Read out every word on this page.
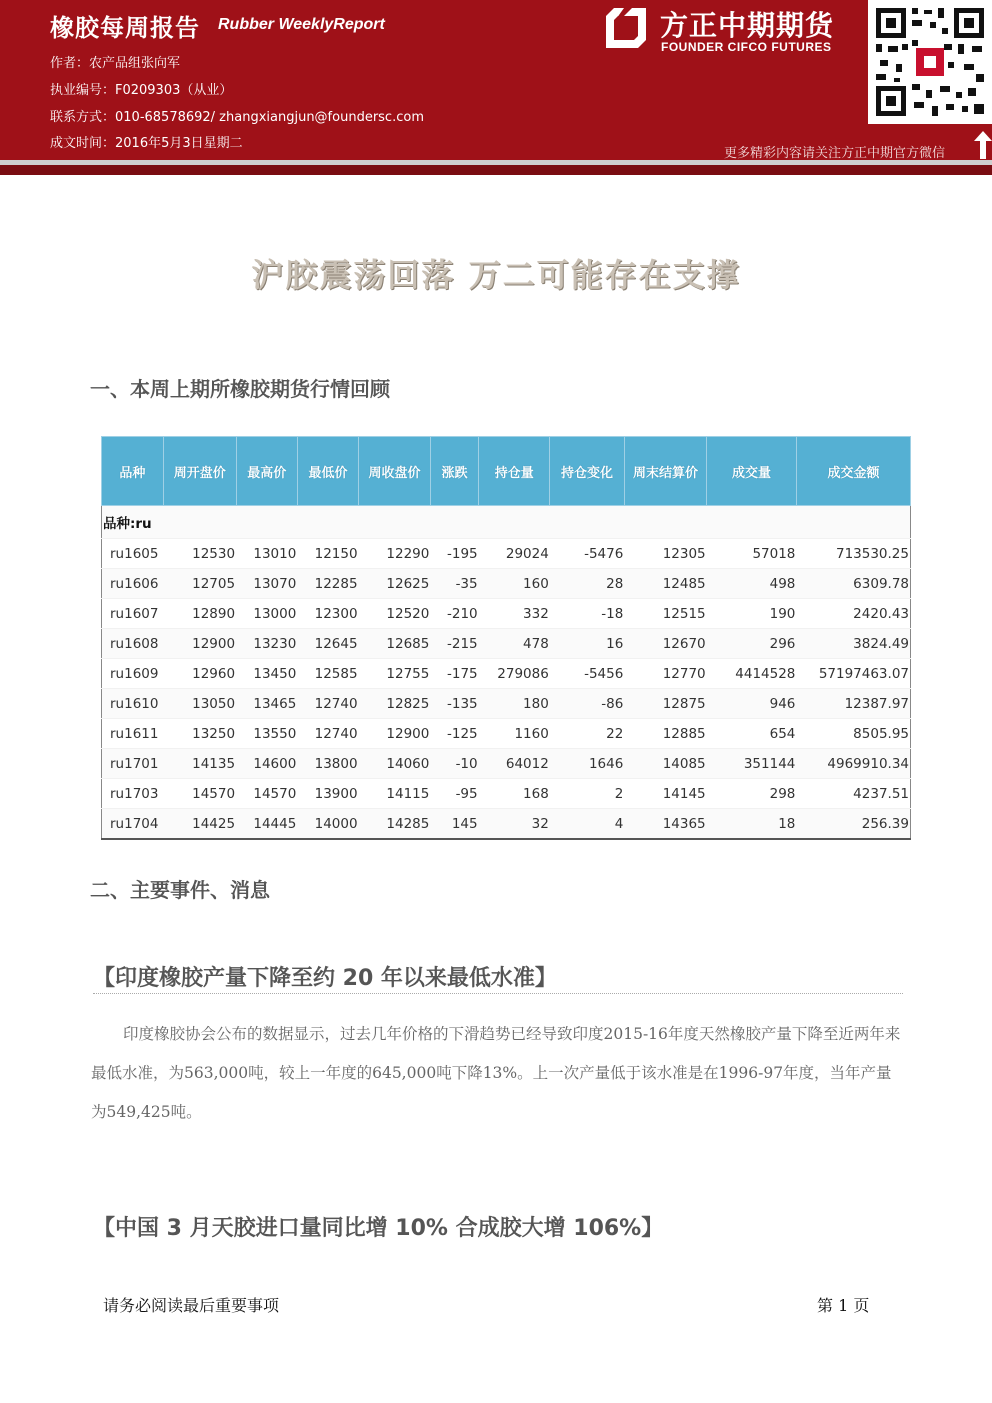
橡胶每周报告 Rubber WeeklyReport
作者：农产品组张向军
执业编号：F0209303（从业）
联系方式：010-68578692/ zhangxiangjun@foundersc.com
成文时间：2016年5月3日星期二
方正中期期货
FOUNDER CIFCO FUTURES
更多精彩内容请关注方正中期官方微信
沪胶震荡回落 万二可能存在支撑
一、本周上期所橡胶期货行情回顾
品种	周开盘价	最高价	最低价	周收盘价	涨跌	持仓量	持仓变化	周末结算价	成交量	成交金额
品种:ru										
ru1605	12530	13010	12150	12290	-195	29024	-5476	12305	57018	713530.25
ru1606	12705	13070	12285	12625	-35	160	28	12485	498	6309.78
ru1607	12890	13000	12300	12520	-210	332	-18	12515	190	2420.43
ru1608	12900	13230	12645	12685	-215	478	16	12670	296	3824.49
ru1609	12960	13450	12585	12755	-175	279086	-5456	12770	4414528	57197463.07
ru1610	13050	13465	12740	12825	-135	180	-86	12875	946	12387.97
ru1611	13250	13550	12740	12900	-125	1160	22	12885	654	8505.95
ru1701	14135	14600	13800	14060	-10	64012	1646	14085	351144	4969910.34
ru1703	14570	14570	13900	14115	-95	168	2	14145	298	4237.51
ru1704	14425	14445	14000	14285	145	32	4	14365	18	256.39
二、主要事件、消息
【印度橡胶产量下降至约 20 年以来最低水准】
印度橡胶协会公布的数据显示，过去几年价格的下滑趋势已经导致印度2015-16年度天然橡胶产量下降至近两年来最低水准，为563,000吨，较上一年度的645,000吨下降13%。上一次产量低于该水准是在1996-97年度，当年产量为549,425吨。
【中国 3 月天胶进口量同比增 10% 合成胶大增 106%】
请务必阅读最后重要事项	第 1 页
